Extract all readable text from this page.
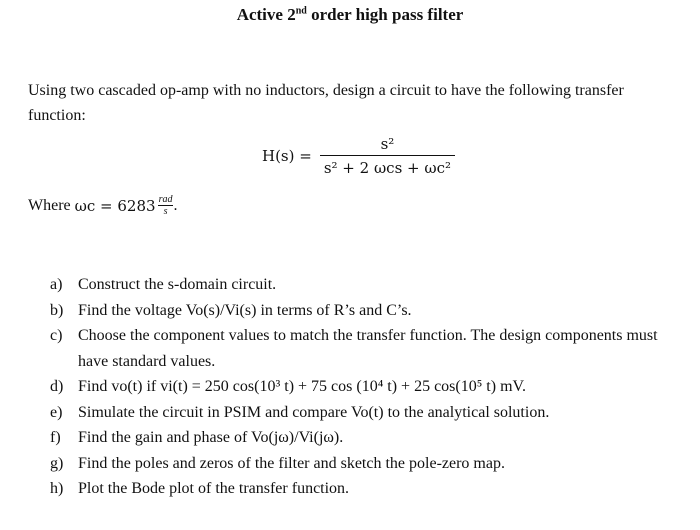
Active 2nd order high pass filter
Using two cascaded op-amp with no inductors, design a circuit to have the following transfer function:
$H(s) = \frac{\text{s²}}{\text{s² + 2 ωcs + ωc²}}$
Where $\omega c = 6283 \frac{\text{rad}}{s}$ .
a) Construct the s-domain circuit.
b) Find the voltage Vo(s)/Vi(s) in terms of R’s and C’s.
c) Choose the component values to match the transfer function. The design components must have standard values.
d) Find vo(t) if vi(t) = 250 cos(10³ t) + 75 cos (10⁴ t) + 25 cos(10⁵ t) mV.
e) Simulate the circuit in PSIM and compare Vo(t) to the analytical solution.
f)	Find the gain and phase of Vo(jω)/Vi(jω).
g) Find the poles and zeros of the filter and sketch the pole-zero map.
h) Plot the Bode plot of the transfer function.
